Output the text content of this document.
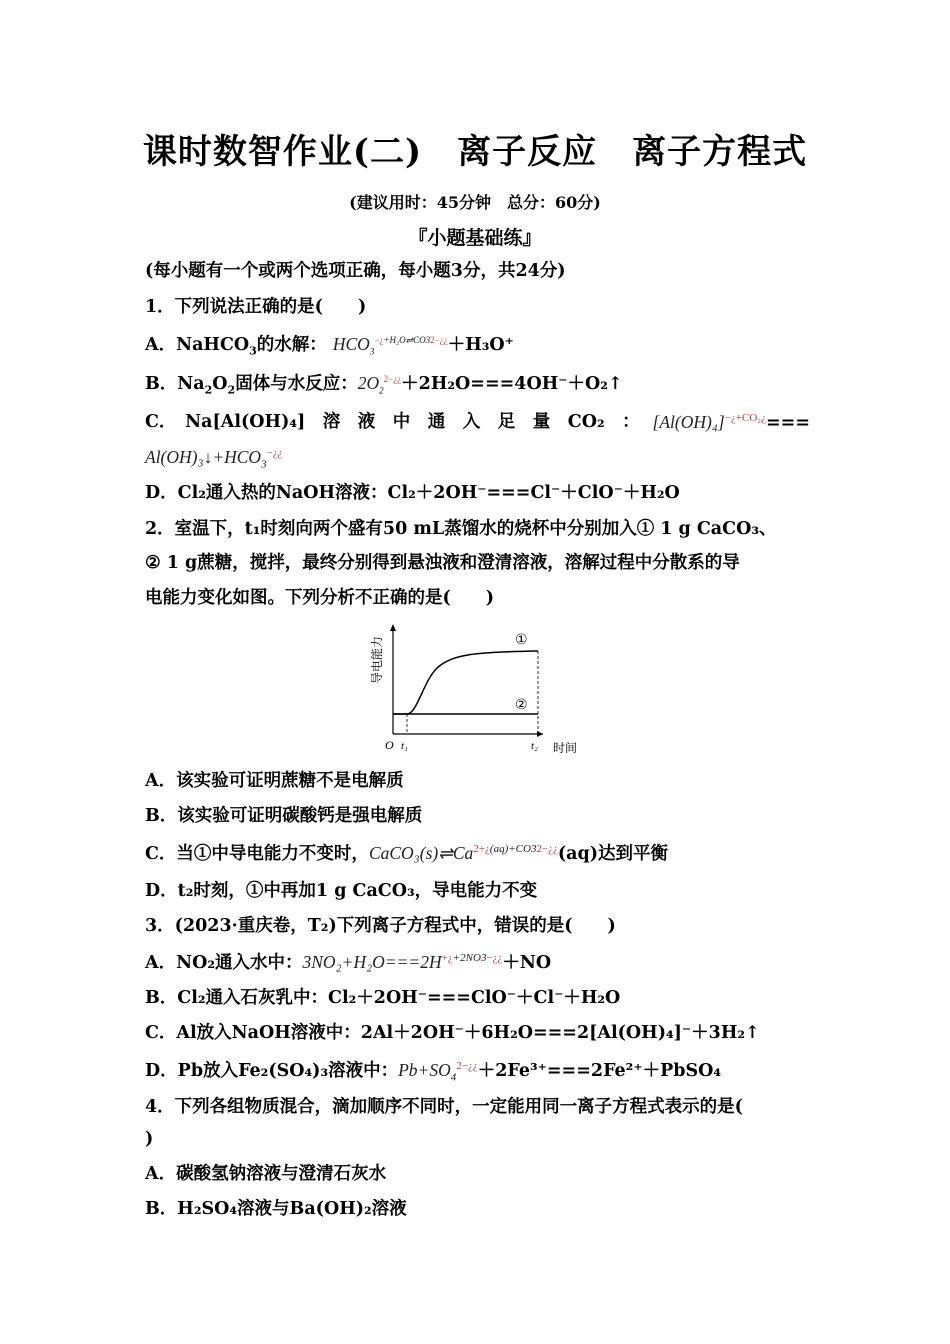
课时数智作业(二)　离子反应　离子方程式
(建议用时：45分钟　总分：60分)
『小题基础练』
(每小题有一个或两个选项正确，每小题3分，共24分)
1．下列说法正确的是(　　)
A．NaHCO$_3$的水解： $HCO_3^{-¿+H_2O\rightleftharpoons CO32-¿¿}+H_3O^+$
B．$Na_2O_2$固体与水反应：$2O_2^{2-¿¿}+2H_2O===4OH^-+O_2↑$
C．　Na[Al(OH)₄]　溶　液　中　通　入　足　量　CO₂　： $[Al(OH)_4]^{-¿+CO_2¿}===$
$Al(OH)_3↓+HCO_3^{-¿¿}$
D．Cl₂通入热的NaOH溶液：Cl₂＋2OH⁻===Cl⁻＋ClO⁻＋H₂O
2．室温下，t₁时刻向两个盛有50 mL蒸馏水的烧杯中分别加入① 1 g CaCO₃、
② 1 g蔗糖，搅拌，最终分别得到悬浊液和澄清溶液，溶解过程中分散系的导
电能力变化如图。下列分析不正确的是(　　)
①
②
O t₁	t₂ 时间
导电能力
A．该实验可证明蔗糖不是电解质
B．该实验可证明碳酸钙是强电解质
C．当①中导电能力不变时，$CaCO_3(s)\rightleftharpoons Ca^{2+¿(aq)+CO32-¿¿}(aq)$达到平衡
D．t₂时刻，①中再加1 g CaCO₃，导电能力不变
3．(2023·重庆卷，T₂)下列离子方程式中，错误的是(　　)
A．NO₂通入水中：$3NO_2+H_2O===2H^{+¿+2NO3-¿¿}+NO$
B．Cl₂通入石灰乳中：Cl₂＋2OH⁻===ClO⁻＋Cl⁻＋H₂O
C．Al放入NaOH溶液中：2Al＋2OH⁻＋6H₂O===2[Al(OH)₄]⁻＋3H₂↑
D．Pb放入Fe₂(SO₄)₃溶液中：$Pb+SO_4^{2-¿¿}+2Fe^{3+}===2Fe^{2+}+PbSO_4$
4．下列各组物质混合，滴加顺序不同时，一定能用同一离子方程式表示的是(
)
A．碳酸氢钠溶液与澄清石灰水
B．H₂SO₄溶液与Ba(OH)₂溶液
